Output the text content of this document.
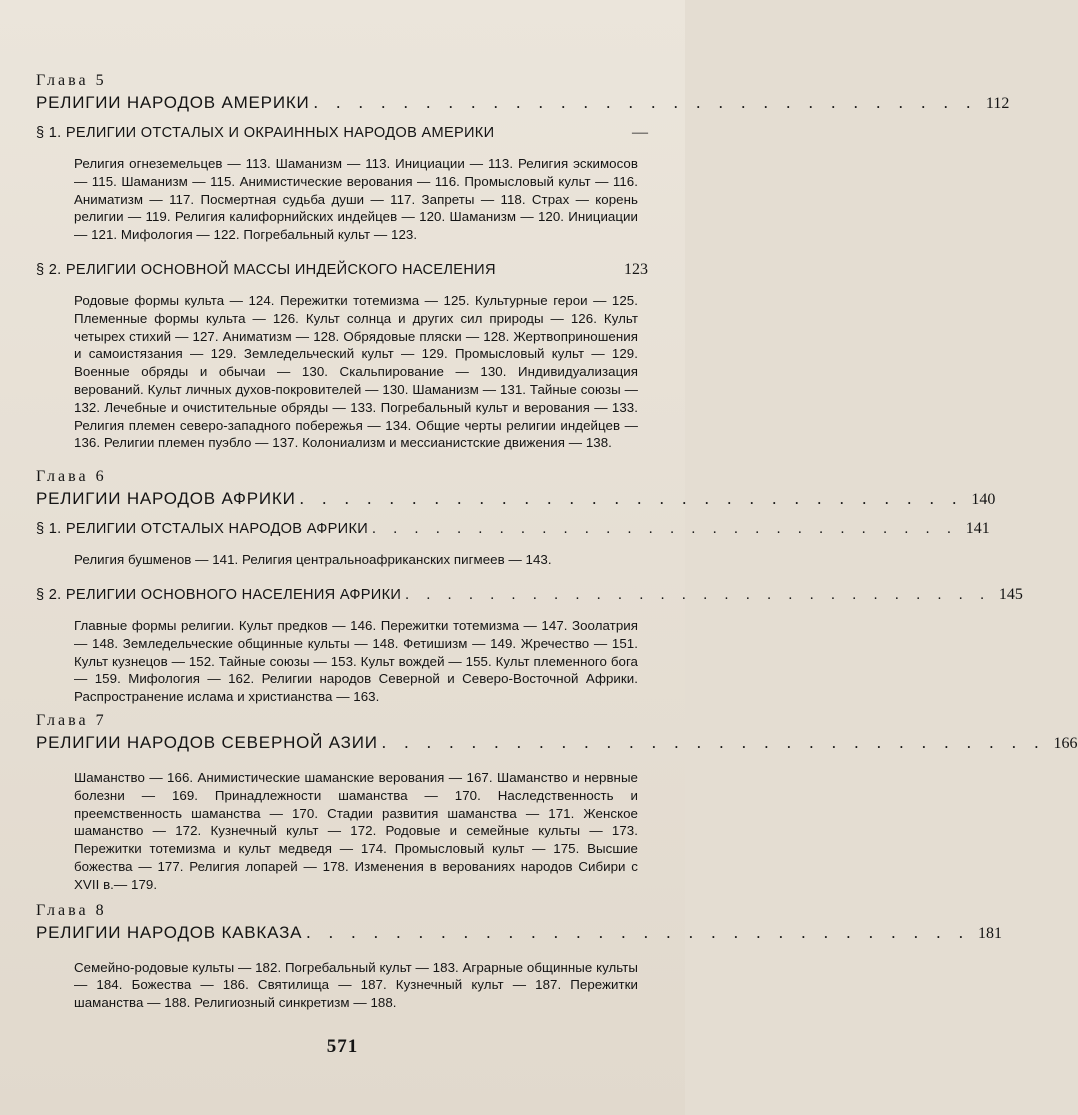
Глава 5

РЕЛИГИИ НАРОДОВ АМЕРИКИ . . . . . . . . . . . . . . . . . . . . . . . . . . . . . . 112
§ 1. РЕЛИГИИ ОТСТАЛЫХ И ОКРАИННЫХ НАРОДОВ АМЕРИКИ	—

Религия огнеземельцев — 113. Шаманизм — 113. Инициации — 113. Религия эскимосов — 115. Шаманизм — 115. Анимистические верования — 116. Промысловый культ — 116. Аниматизм — 117. Посмертная судьба души — 117. Запреты — 118. Страх — корень религии — 119. Религия калифорнийских индейцев — 120. Шаманизм — 120. Инициации — 121. Мифология — 122. Погребальный культ — 123.

§ 2. РЕЛИГИИ ОСНОВНОЙ МАССЫ ИНДЕЙСКОГО НАСЕЛЕНИЯ	123

Родовые формы культа — 124. Пережитки тотемизма — 125. Культурные герои — 125. Племенные формы культа — 126. Культ солнца и других сил природы — 126. Культ четырех стихий — 127. Аниматизм — 128. Обрядовые пляски — 128. Жертвоприношения и самоистязания — 129. Земледельческий культ — 129. Промысловый культ — 129. Военные обряды и обычаи — 130. Скальпирование — 130. Индивидуализация верований. Культ личных духов-покровителей — 130. Шаманизм — 131. Тайные союзы — 132. Лечебные и очистительные обряды — 133. Погребальный культ и верования — 133. Религия племен северо-западного побережья — 134. Общие черты религии индейцев — 136. Религии племен пуэбло — 137. Колониализм и мессианистские движения — 138.

Глава 6

РЕЛИГИИ НАРОДОВ АФРИКИ . . . . . . . . . . . . . . . . . . . . . . . . . . . . . . 140
§ 1. РЕЛИГИИ ОТСТАЛЫХ НАРОДОВ АФРИКИ . . . . . . . . . . . . . . . . . . . . . . . . . . . . 141

Религия бушменов — 141. Религия центральноафриканских пигмеев — 143.

§ 2. РЕЛИГИИ ОСНОВНОГО НАСЕЛЕНИЯ АФРИКИ . . . . . . . . . . . . . . . . . . . . . . . . . . . . 145

Главные формы религии. Культ предков — 146. Пережитки тотемизма — 147. Зоолатрия — 148. Земледельческие общинные культы — 148. Фетишизм — 149. Жречество — 151. Культ кузнецов — 152. Тайные союзы — 153. Культ вождей — 155. Культ племенного бога — 159. Мифология — 162. Религии народов Северной и Северо-Восточной Африки. Распространение ислама и христианства — 163.

Глава 7

РЕЛИГИИ НАРОДОВ СЕВЕРНОЙ АЗИИ . . . . . . . . . . . . . . . . . . . . . . . . . . . . . . 166

Шаманство — 166. Анимистические шаманские верования — 167. Шаманство и нервные болезни — 169. Принадлежности шаманства — 170. Наследственность и преемственность шаманства — 170. Стадии развития шаманства — 171. Женское шаманство — 172. Кузнечный культ — 172. Родовые и семейные культы — 173. Пережитки тотемизма и культ медведя — 174. Промысловый культ — 175. Высшие божества — 177. Религия лопарей — 178. Изменения в верованиях народов Сибири с XVII в.— 179.

Глава 8

РЕЛИГИИ НАРОДОВ КАВКАЗА . . . . . . . . . . . . . . . . . . . . . . . . . . . . . . 181

Семейно-родовые культы — 182. Погребальный культ — 183. Аграрные общинные культы — 184. Божества — 186. Святилища — 187. Кузнечный культ — 187. Пережитки шаманства — 188. Религиозный синкретизм — 188.

571
